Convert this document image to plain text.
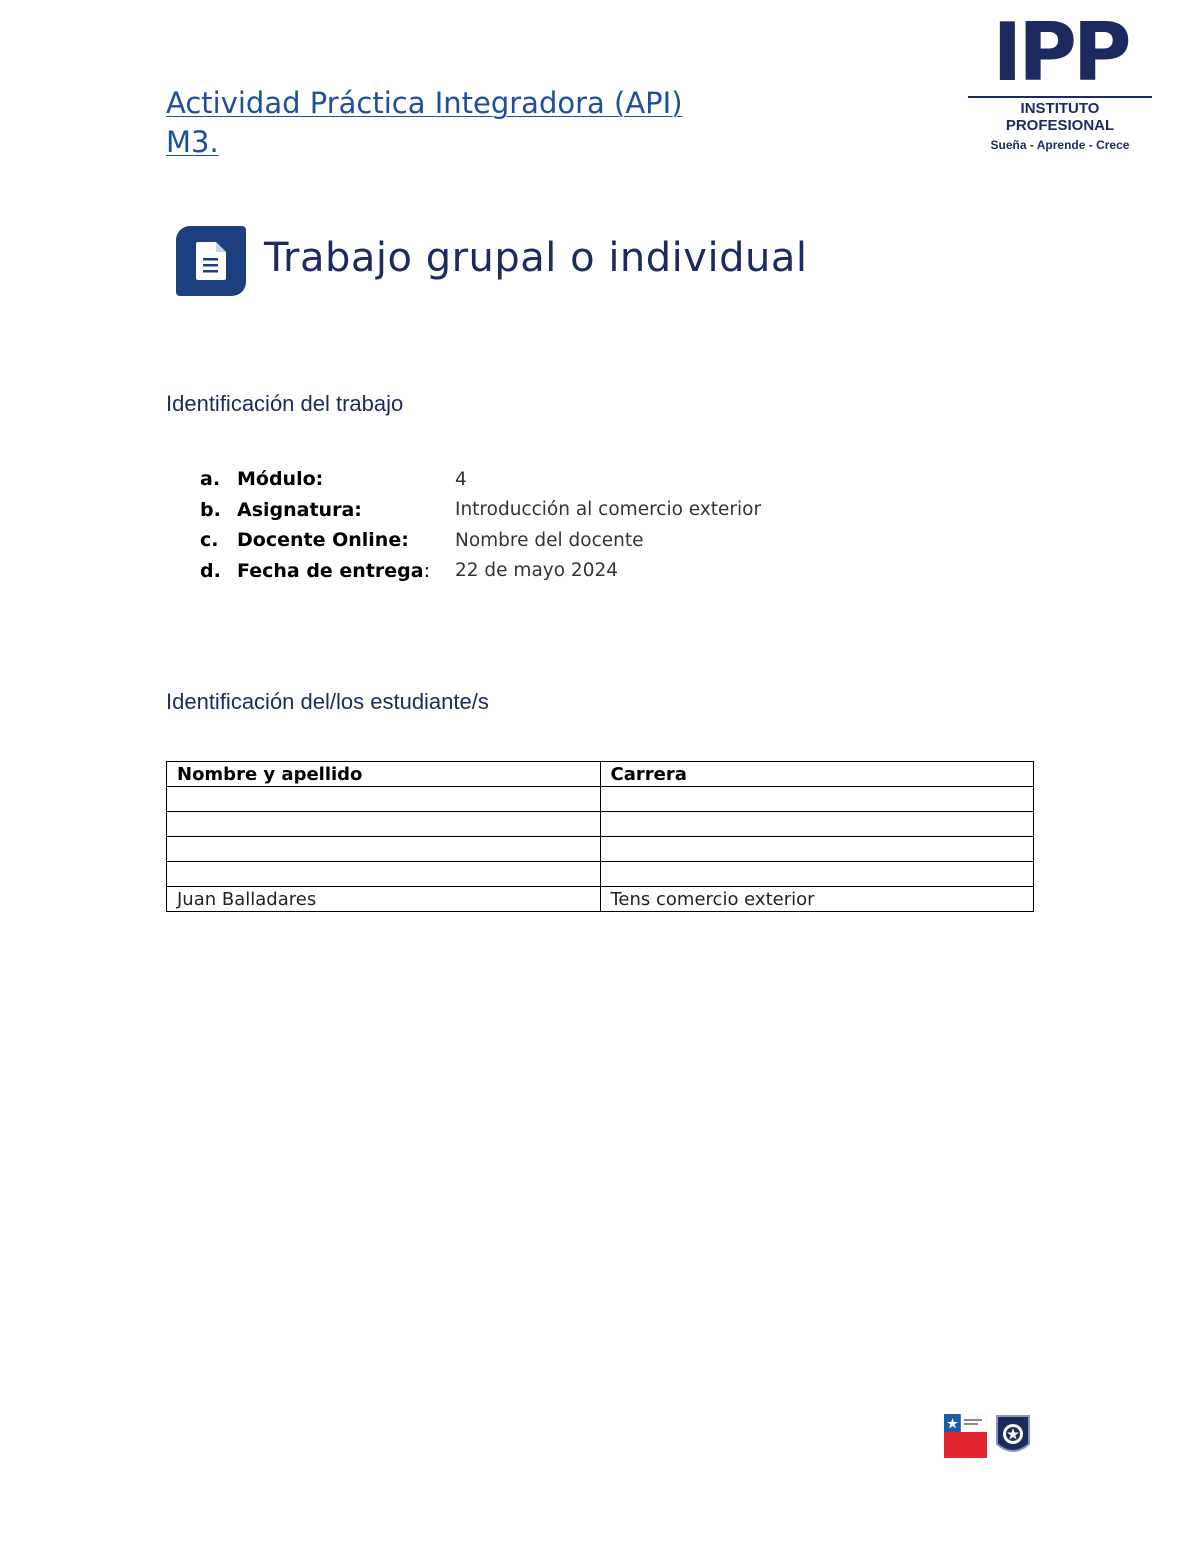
Actividad Práctica Integradora (API)
M3.
IPP
INSTITUTO PROFESIONAL
Sueña - Aprende - Crece
Trabajo grupal o individual
Identificación del trabajo
a. Módulo:	4
b. Asignatura:	Introducción al comercio exterior
c. Docente Online:	Nombre del docente
d. Fecha de entrega:	22 de mayo 2024
Identificación del/los estudiante/s
Nombre y apellido	Carrera

Juan Balladares	Tens comercio exterior
